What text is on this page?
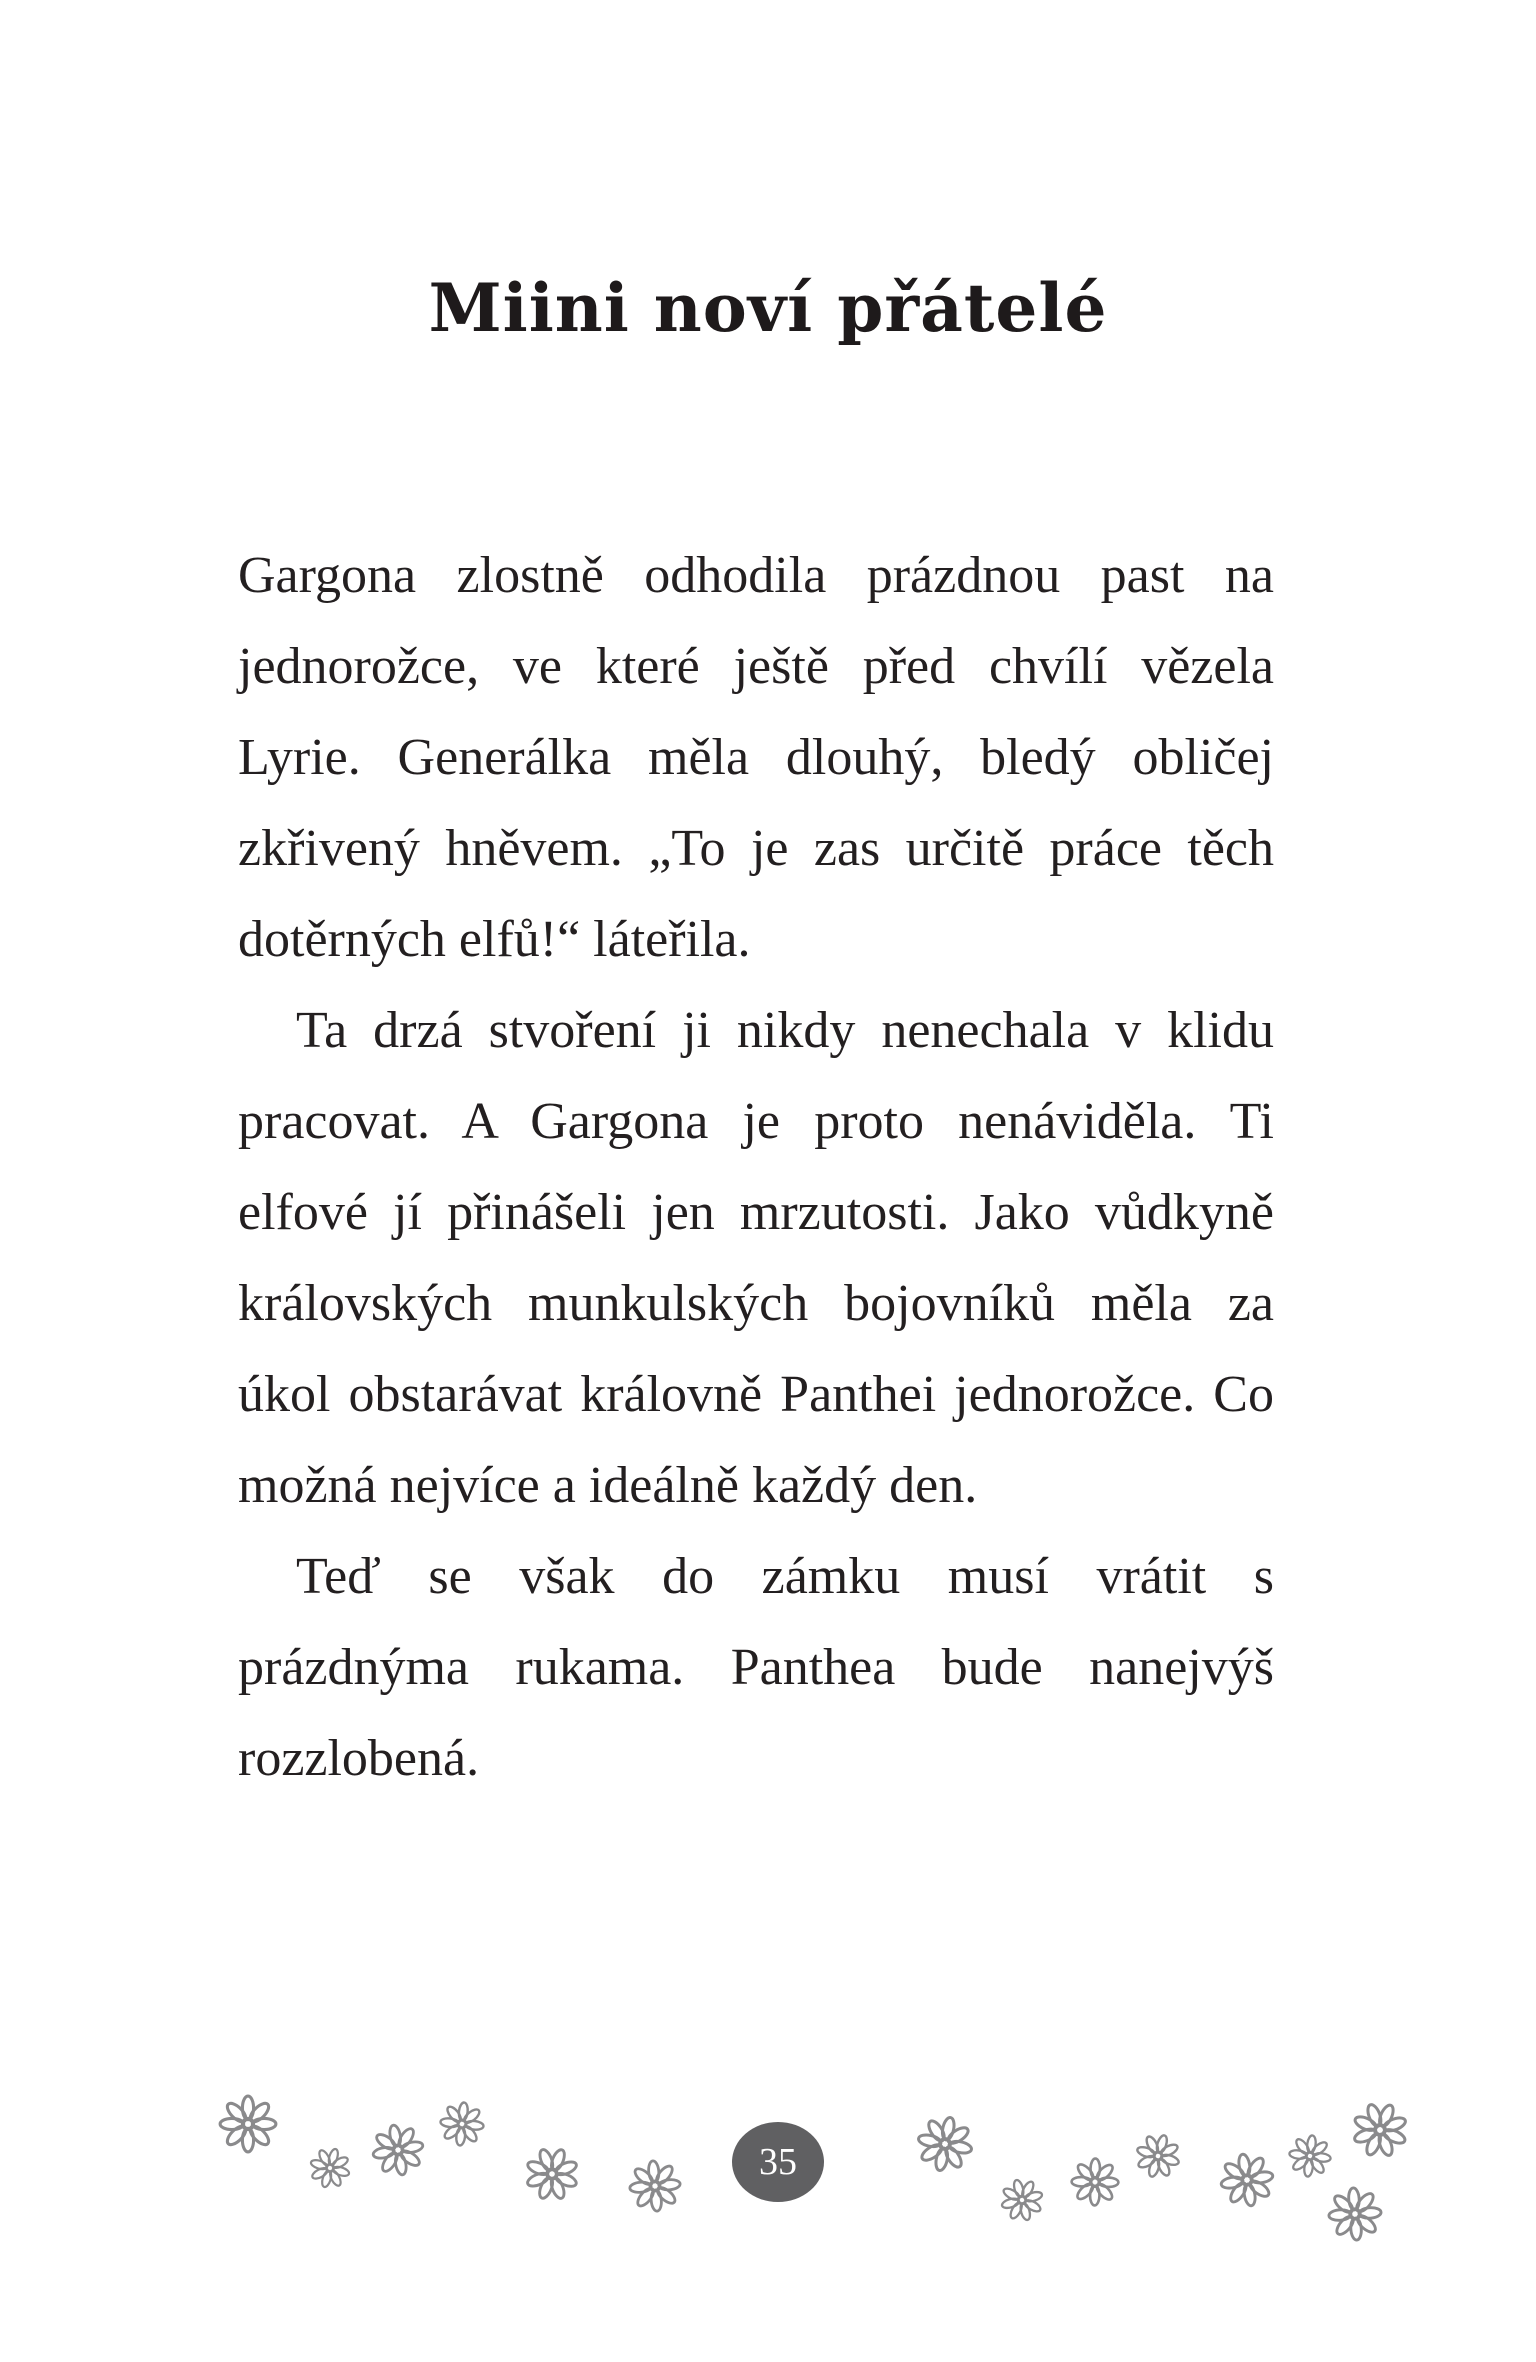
Miini noví přátelé

Gargona zlostně odhodila prázdnou past na jednorožce, ve které ještě před chvílí vězela Lyrie. Generálka měla dlouhý, bledý obličej zkřivený hněvem. „To je zas určitě práce těch dotěrných elfů!“ láteřila.

Ta drzá stvoření ji nikdy nenechala v klidu pracovat. A Gargona je proto nenáviděla. Ti elfové jí přinášeli jen mrzutosti. Jako vůdkyně královských munkulských bojovníků měla za úkol obstarávat královně Panthei jednorožce. Co možná nejvíce a ideálně každý den.

Teď se však do zámku musí vrátit s prázdnýma rukama. Panthea bude nanejvýš rozzlobená.

35
